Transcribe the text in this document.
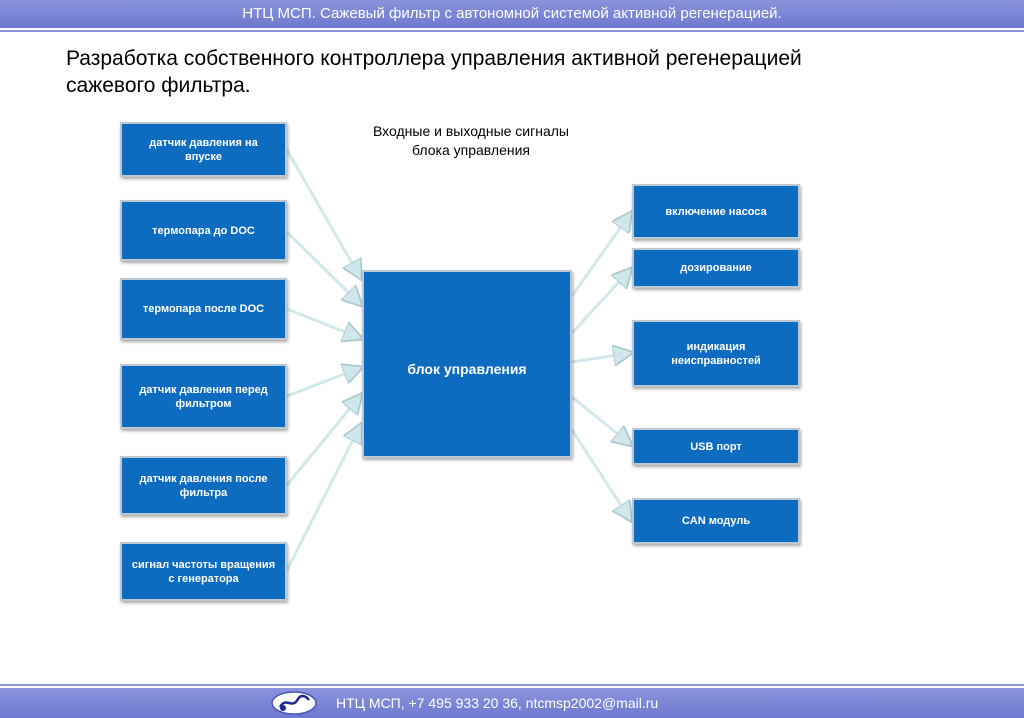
НТЦ МСП. Сажевый фильтр с автономной системой активной регенерацией.
Разработка собственного контроллера управления активной регенерацией
сажевого фильтра.
Входные и выходные сигналы
блока управления
датчик давления на впуске
термопара до DOC
термопара после DOC
датчик давления перед фильтром
датчик давления после фильтра
сигнал частоты вращения с генератора
блок управления
включение насоса
дозирование
индикация неисправностей
USB порт
CAN модуль
НТЦ МСП, +7 495 933 20 36, ntcmsp2002@mail.ru
